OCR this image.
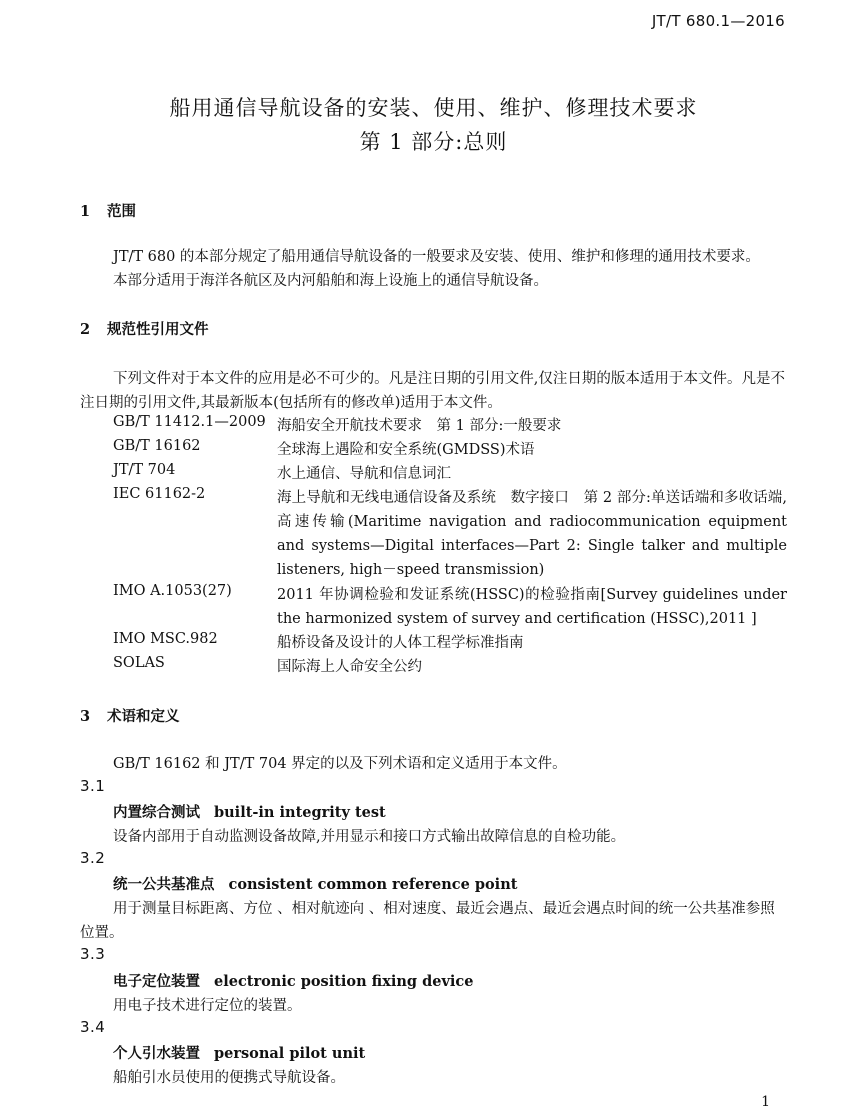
JT/T 680.1—2016
船用通信导航设备的安装、使用、维护、修理技术要求
第 1 部分:总则
1 范围
JT/T 680 的本部分规定了船用通信导航设备的一般要求及安装、使用、维护和修理的通用技术要求。
本部分适用于海洋各航区及内河船舶和海上设施上的通信导航设备。
2 规范性引用文件
下列文件对于本文件的应用是必不可少的。凡是注日期的引用文件,仅注日期的版本适用于本文件。凡是不注日期的引用文件,其最新版本(包括所有的修改单)适用于本文件。
GB/T 11412.1—2009 海船安全开航技术要求　第 1 部分:一般要求
GB/T 16162	全球海上遇险和安全系统(GMDSS)术语
JT/T 704	水上通信、导航和信息词汇
IEC 61162-2	海上导航和无线电通信设备及系统　数字接口　第 2 部分:单送话端和多收话端,高速传输(Maritime navigation and radiocommunication equipment and systems—Digital interfaces—Part 2: Single talker and multiple listeners, high－speed transmission)
IMO A.1053(27)	2011 年协调检验和发证系统(HSSC)的检验指南[Survey guidelines under the harmonized system of survey and certification (HSSC),2011 ]
IMO MSC.982	船桥设备及设计的人体工程学标准指南
SOLAS	国际海上人命安全公约
3 术语和定义
GB/T 16162 和 JT/T 704 界定的以及下列术语和定义适用于本文件。
3.1
内置综合测试 built-in integrity test
设备内部用于自动监测设备故障,并用显示和接口方式输出故障信息的自检功能。
3.2
统一公共基准点 consistent common reference point
用于测量目标距离、方位 、相对航迹向 、相对速度、最近会遇点、最近会遇点时间的统一公共基准参照位置。
3.3
电子定位装置 electronic position fixing device
用电子技术进行定位的装置。
3.4
个人引水装置 personal pilot unit
船舶引水员使用的便携式导航设备。
1
